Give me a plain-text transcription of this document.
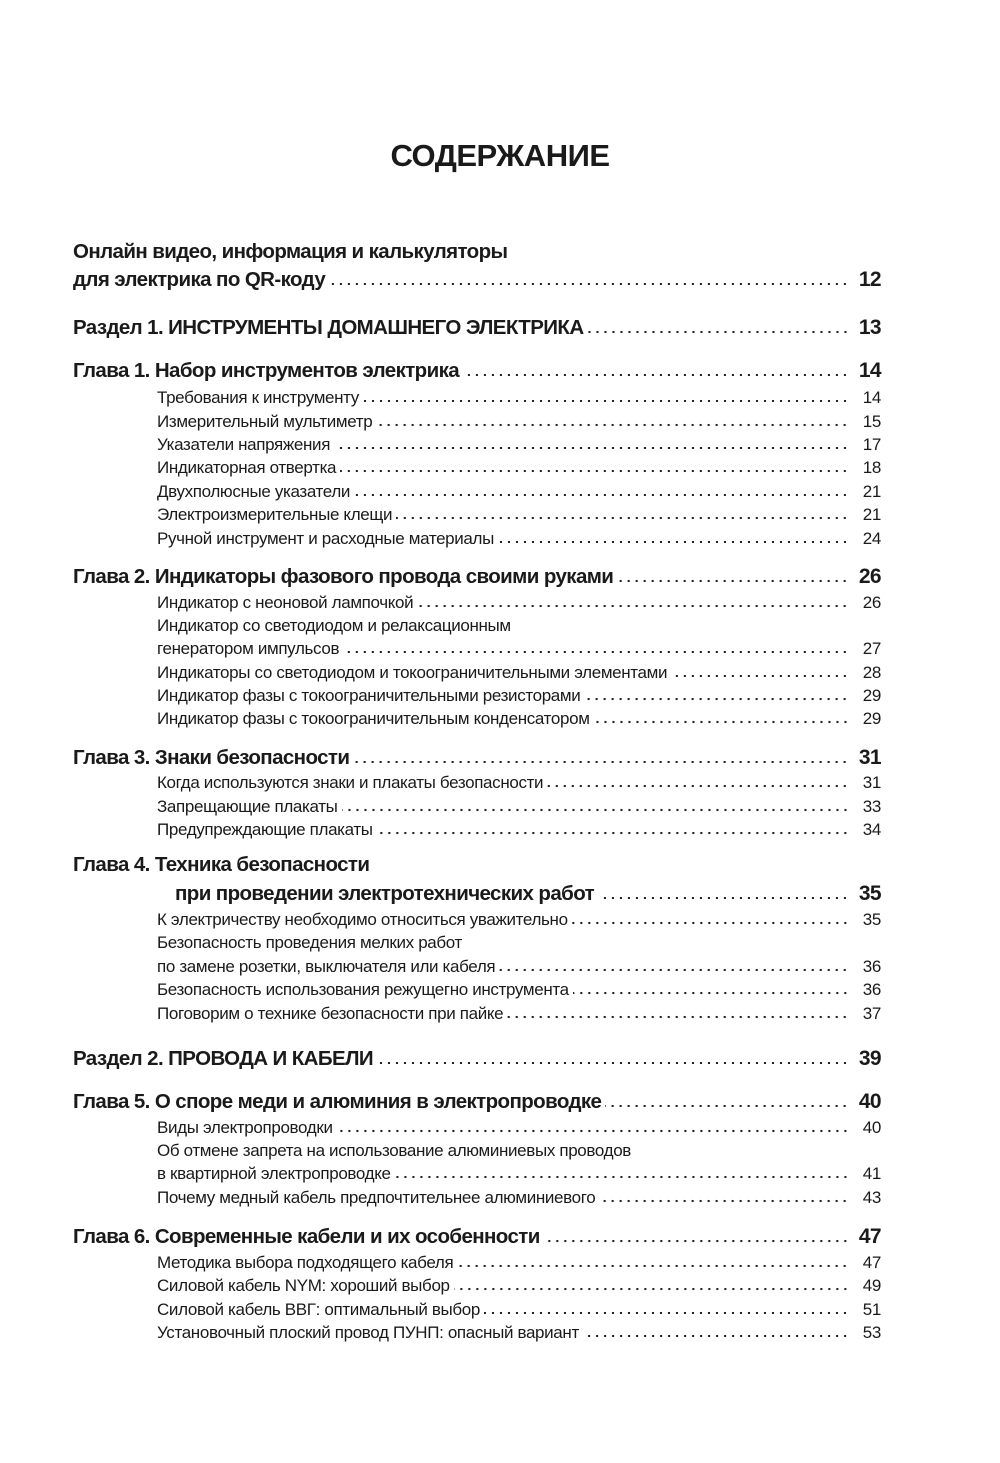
СОДЕРЖАНИЕ
Онлайн видео, информация и калькуляторы
для электрика по QR-коду	12
Раздел 1. ИНСТРУМЕНТЫ ДОМАШНЕГО ЭЛЕКТРИКА	13
Глава 1. Набор инструментов электрика	14
Требования к инструменту	14
Измерительный мультиметр	15
Указатели напряжения	17
Индикаторная отвертка	18
Двухполюсные указатели	21
Электроизмерительные клещи	21
Ручной инструмент и расходные материалы	24
Глава 2. Индикаторы фазового провода своими руками	26
Индикатор с неоновой лампочкой	26
Индикатор со светодиодом и релаксационным
генератором импульсов	27
Индикаторы со светодиодом и токоограничительными элементами	28
Индикатор фазы с токоограничительными резисторами	29
Индикатор фазы с токоограничительным конденсатором	29
Глава 3. Знаки безопасности	31
Когда используются знаки и плакаты безопасности	31
Запрещающие плакаты	33
Предупреждающие плакаты	34
Глава 4. Техника безопасности
при проведении электротехнических работ	35
К электричеству необходимо относиться уважительно	35
Безопасность проведения мелких работ
по замене розетки, выключателя или кабеля	36
Безопасность использования режущегно инструмента	36
Поговорим о технике безопасности при пайке	37
Раздел 2. ПРОВОДА И КАБЕЛИ	39
Глава 5. О споре меди и алюминия в электропроводке	40
Виды электропроводки	40
Об отмене запрета на использование алюминиевых проводов
в квартирной электропроводке	41
Почему медный кабель предпочтительнее алюминиевого	43
Глава 6. Современные кабели и их особенности	47
Методика выбора подходящего кабеля	47
Силовой кабель NYM: хороший выбор	49
Силовой кабель ВВГ: оптимальный выбор	51
Установочный плоский провод ПУНП: опасный вариант	53
